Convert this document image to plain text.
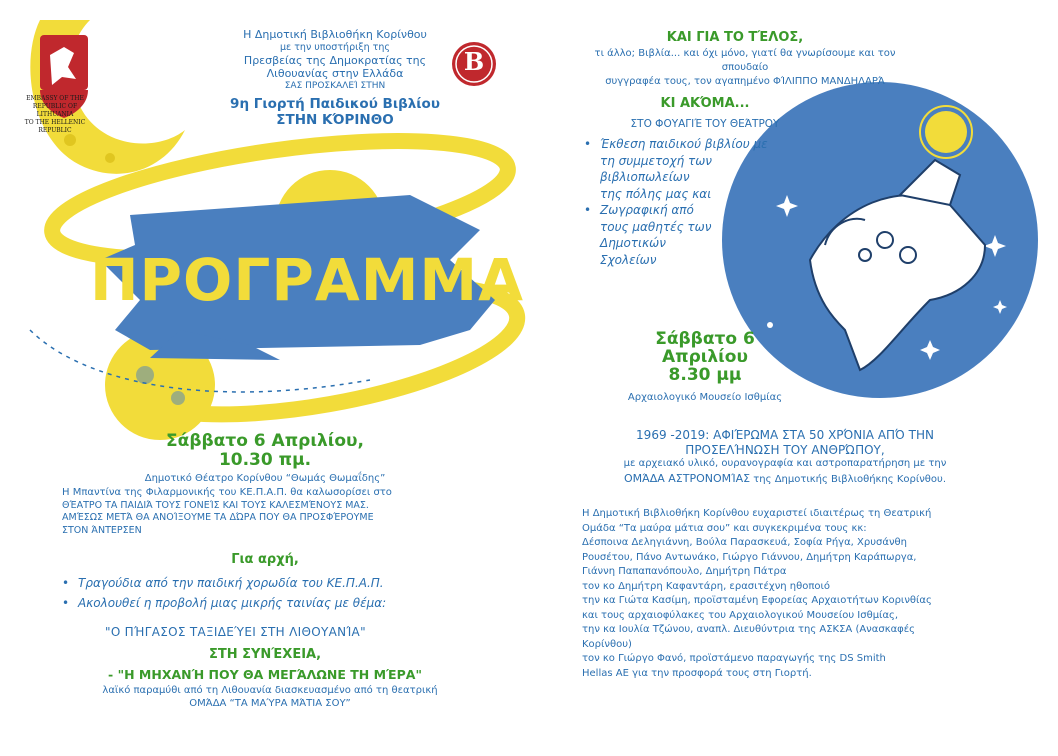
EMBASSY OF THE
REPUBLIC OF LITHUANIA
TO THE HELLENIC
REPUBLIC
B
Η Δημοτική Βιβλιοθήκη Κορίνθου
με την υποστήριξη της
Πρεσβείας της Δημοκρατίας της
Λιθουανίας στην Ελλάδα
ΣΑΣ ΠΡΟΣΚΑΛΕΊ ΣΤΗΝ
9η Γιορτή Παιδικού Βιβλίου
ΣΤΗΝ ΚΌΡΙΝΘΟ
ΠΡΟΓΡΑΜΜΑ
Σάββατο 6 Απριλίου,
10.30 πμ.
Δημοτικό Θέατρο Κορίνθου “Θωμάς Θωμαΐδης”
Η Μπαντίνα της Φιλαρμονικής του ΚΕ.Π.Α.Π. θα καλωσορίσει στο
ΘΈΑΤΡΟ ΤΑ ΠΑΙΔΙΆ ΤΟΥΣ ΓΟΝΕΊΣ ΚΑΙ ΤΟΥΣ ΚΑΛΕΣΜΈΝΟΥΣ ΜΑΣ.
ΑΜΈΣΩΣ ΜΕΤΆ ΘΑ ΑΝΟΊΞΟΥΜΕ ΤΑ ΔΏΡΑ ΠΟΥ ΘΑ ΠΡΟΣΦΈΡΟΥΜΕ
ΣΤΟΝ ΆΝΤΕΡΣΕΝ
Για αρχή,
• Τραγούδια από την παιδική χορωδία του ΚΕ.Π.Α.Π.
• Ακολουθεί η προβολή μιας μικρής ταινίας με θέμα:
"Ο ΠΉΓΑΣΟΣ ΤΑΞΙΔΕΎΕΙ ΣΤΗ ΛΙΘΟΥΑΝΊΑ"
ΣΤΗ ΣΥΝΈΧΕΙΑ,
- "Η ΜΗΧΑΝΉ ΠΟΥ ΘΑ ΜΕΓΆΛΩΝΕ ΤΗ ΜΈΡΑ"
λαϊκό παραμύθι από τη Λιθουανία διασκευασμένο από τη θεατρική
ΟΜΆΔΑ “ΤΑ ΜΑΎΡΑ ΜΆΤΙΑ ΣΟΥ”
ΚΑΙ ΓΙΑ ΤΟ ΤΈΛΟΣ,
τι άλλο; Βιβλία... και όχι μόνο, γιατί θα γνωρίσουμε και τον σπουδαίο
συγγραφέα τους, τον αγαπημένο ΦΊΛΙΠΠΟ ΜΑΝΔΗΛΑΡΆ
ΚΙ ΑΚΌΜΑ...
ΣΤΟ ΦΟΥΑΓΙΈ ΤΟΥ ΘΕΆΤΡΟΥ
• Έκθεση παιδικού βιβλίου με
τη συμμετοχή των
βιβλιοπωλείων
της πόλης μας και
• Ζωγραφική από
τους μαθητές των
Δημοτικών
Σχολείων
Σάββατο 6
Απριλίου
8.30 μμ
Αρχαιολογικό Μουσείο Ισθμίας
1969 -2019: ΑΦΙΈΡΩΜΑ ΣΤΑ 50 ΧΡΌΝΙΑ ΑΠΌ ΤΗΝ
ΠΡΟΣΕΛΉΝΩΣΗ ΤΟΥ ΑΝΘΡΏΠΟΥ,
με αρχειακό υλικό, ουρανογραφία και αστροπαρατήρηση με την
ΟΜΆΔΑ ΑΣΤΡΟΝΟΜΊΑΣ της Δημοτικής Βιβλιοθήκης Κορίνθου.
Η Δημοτική Βιβλιοθήκη Κορίνθου ευχαριστεί ιδιαιτέρως τη Θεατρική
Ομάδα “Τα μαύρα μάτια σου” και συγκεκριμένα τους κκ:
Δέσποινα Δεληγιάννη, Βούλα Παρασκευά, Σοφία Ρήγα, Χρυσάνθη
Ρουσέτου, Πάνο Αντωνάκο, Γιώργο Γιάννου, Δημήτρη Καράπωργα,
Γιάννη Παπαπανόπουλο, Δημήτρη Πάτρα
τον κο Δημήτρη Καφαντάρη, ερασιτέχνη ηθοποιό
την κα Γιώτα Κασίμη, προϊσταμένη Εφορείας Αρχαιοτήτων Κορινθίας
και τους αρχαιοφύλακες του Αρχαιολογικού Μουσείου Ισθμίας,
την κα Ιουλία Τζώνου, αναπλ. Διευθύντρια της ΑΣΚΣΑ (Ανασκαφές
Κορίνθου)
τον κο Γιώργο Φανό, προϊστάμενο παραγωγής της DS Smith
Hellas AE για την προσφορά τους στη Γιορτή.
